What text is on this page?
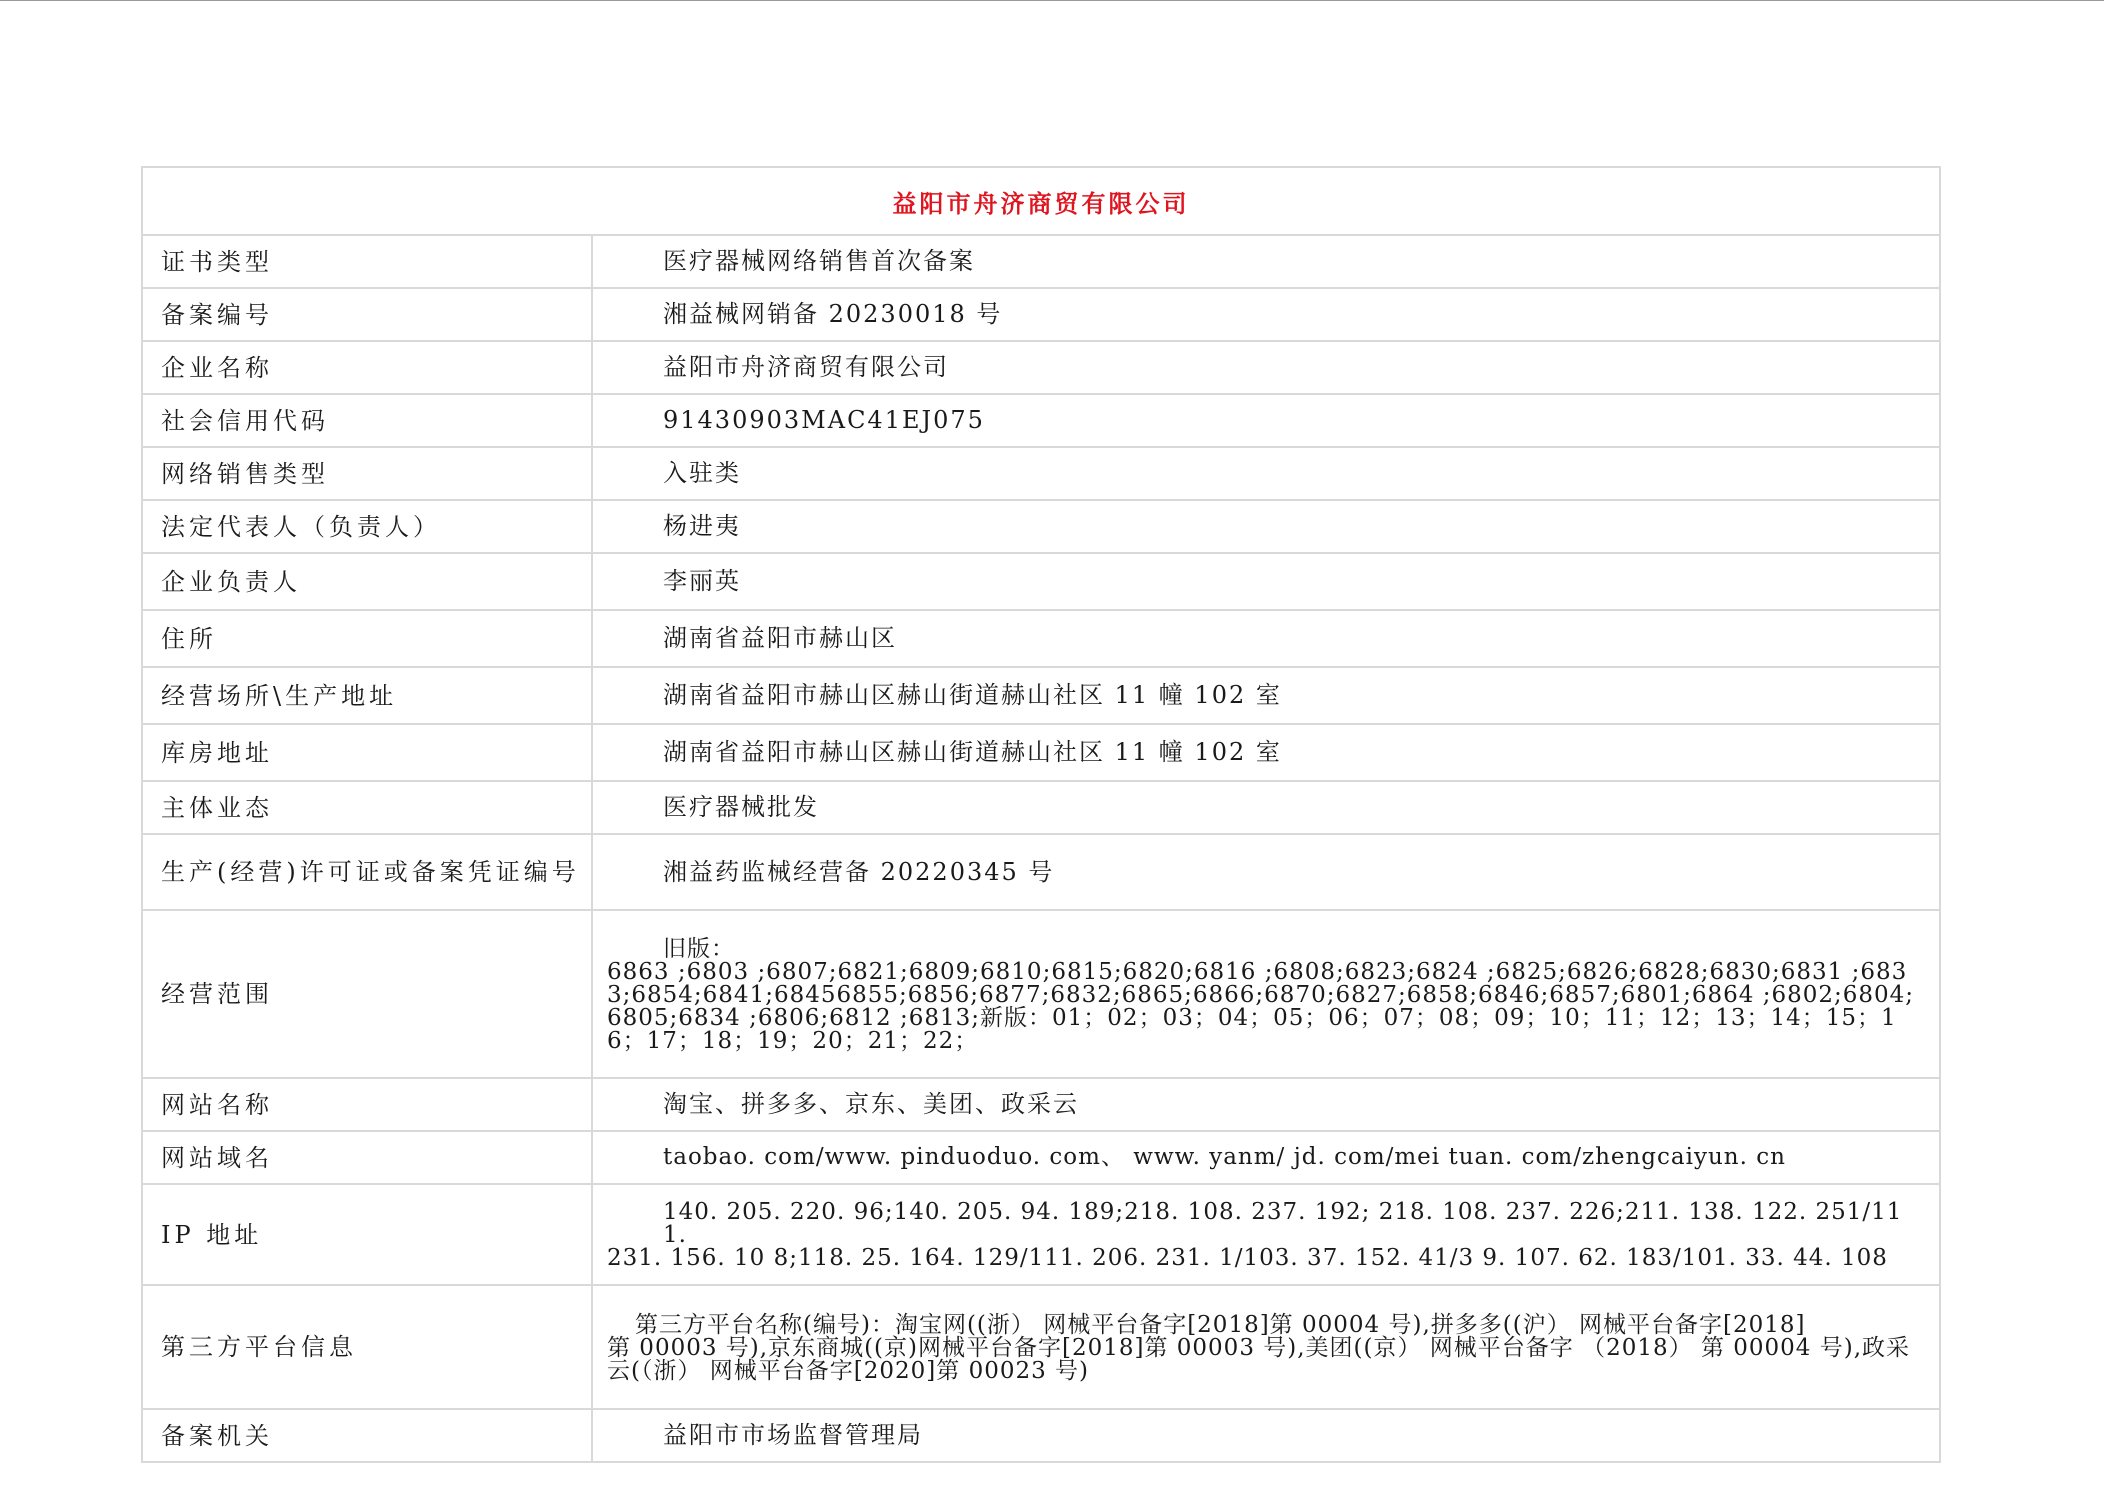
益阳市舟济商贸有限公司	
证书类型	医疗器械网络销售首次备案

备案编号	湘益械网销备 20230018 号

企业名称	益阳市舟济商贸有限公司

社会信用代码	91430903MAC41EJ075

网络销售类型	入驻类

法定代表人（负责人）	杨进夷

企业负责人	李丽英

住所	湖南省益阳市赫山区

经营场所\生产地址	湖南省益阳市赫山区赫山街道赫山社区 11 幢 102 室

库房地址	湖南省益阳市赫山区赫山街道赫山社区 11 幢 102 室

主体业态	医疗器械批发

生产(经营)许可证或备案凭证编号	湘益药监械经营备 20220345 号

经营范围	旧版：
6863 ;6803 ;6807;6821;6809;6810;6815;6820;6816 ;6808;6823;6824 ;6825;6826;6828;6830;6831 ;6833;6854;6841;68456855;6856;6877;6832;6865;6866;6870;6827;6858;6846;6857;6801;6864 ;6802;6804;6805;6834 ;6806;6812 ;6813;新版：01；02；03；04；05；06；07；08；09；10；11；12；13；14；15；16；17；18；19；20；21；22；

网站名称	淘宝、拼多多、京东、美团、政采云

网站域名	taobao. com/www. pinduoduo. com、 www. yanm/ jd. com/mei tuan. com/zhengcaiyun. cn

IP 地址	140. 205. 220. 96;140. 205. 94. 189;218. 108. 237. 192; 218. 108. 237. 226;211. 138. 122. 251/111.
231. 156. 10 8;118. 25. 164. 129/111. 206. 231. 1/103. 37. 152. 41/3 9. 107. 62. 183/101. 33. 44. 108

第三方平台信息	第三方平台名称(编号)：淘宝网((浙） 网械平台备字[2018]第 00004 号),拼多多((沪） 网械平台备字[2018]
第 00003 号),京东商城((京)网械平台备字[2018]第 00003 号),美团((京） 网械平台备字 （2018） 第 00004 号),政采云(（浙） 网械平台备字[2020]第 00023 号)

备案机关	益阳市市场监督管理局
